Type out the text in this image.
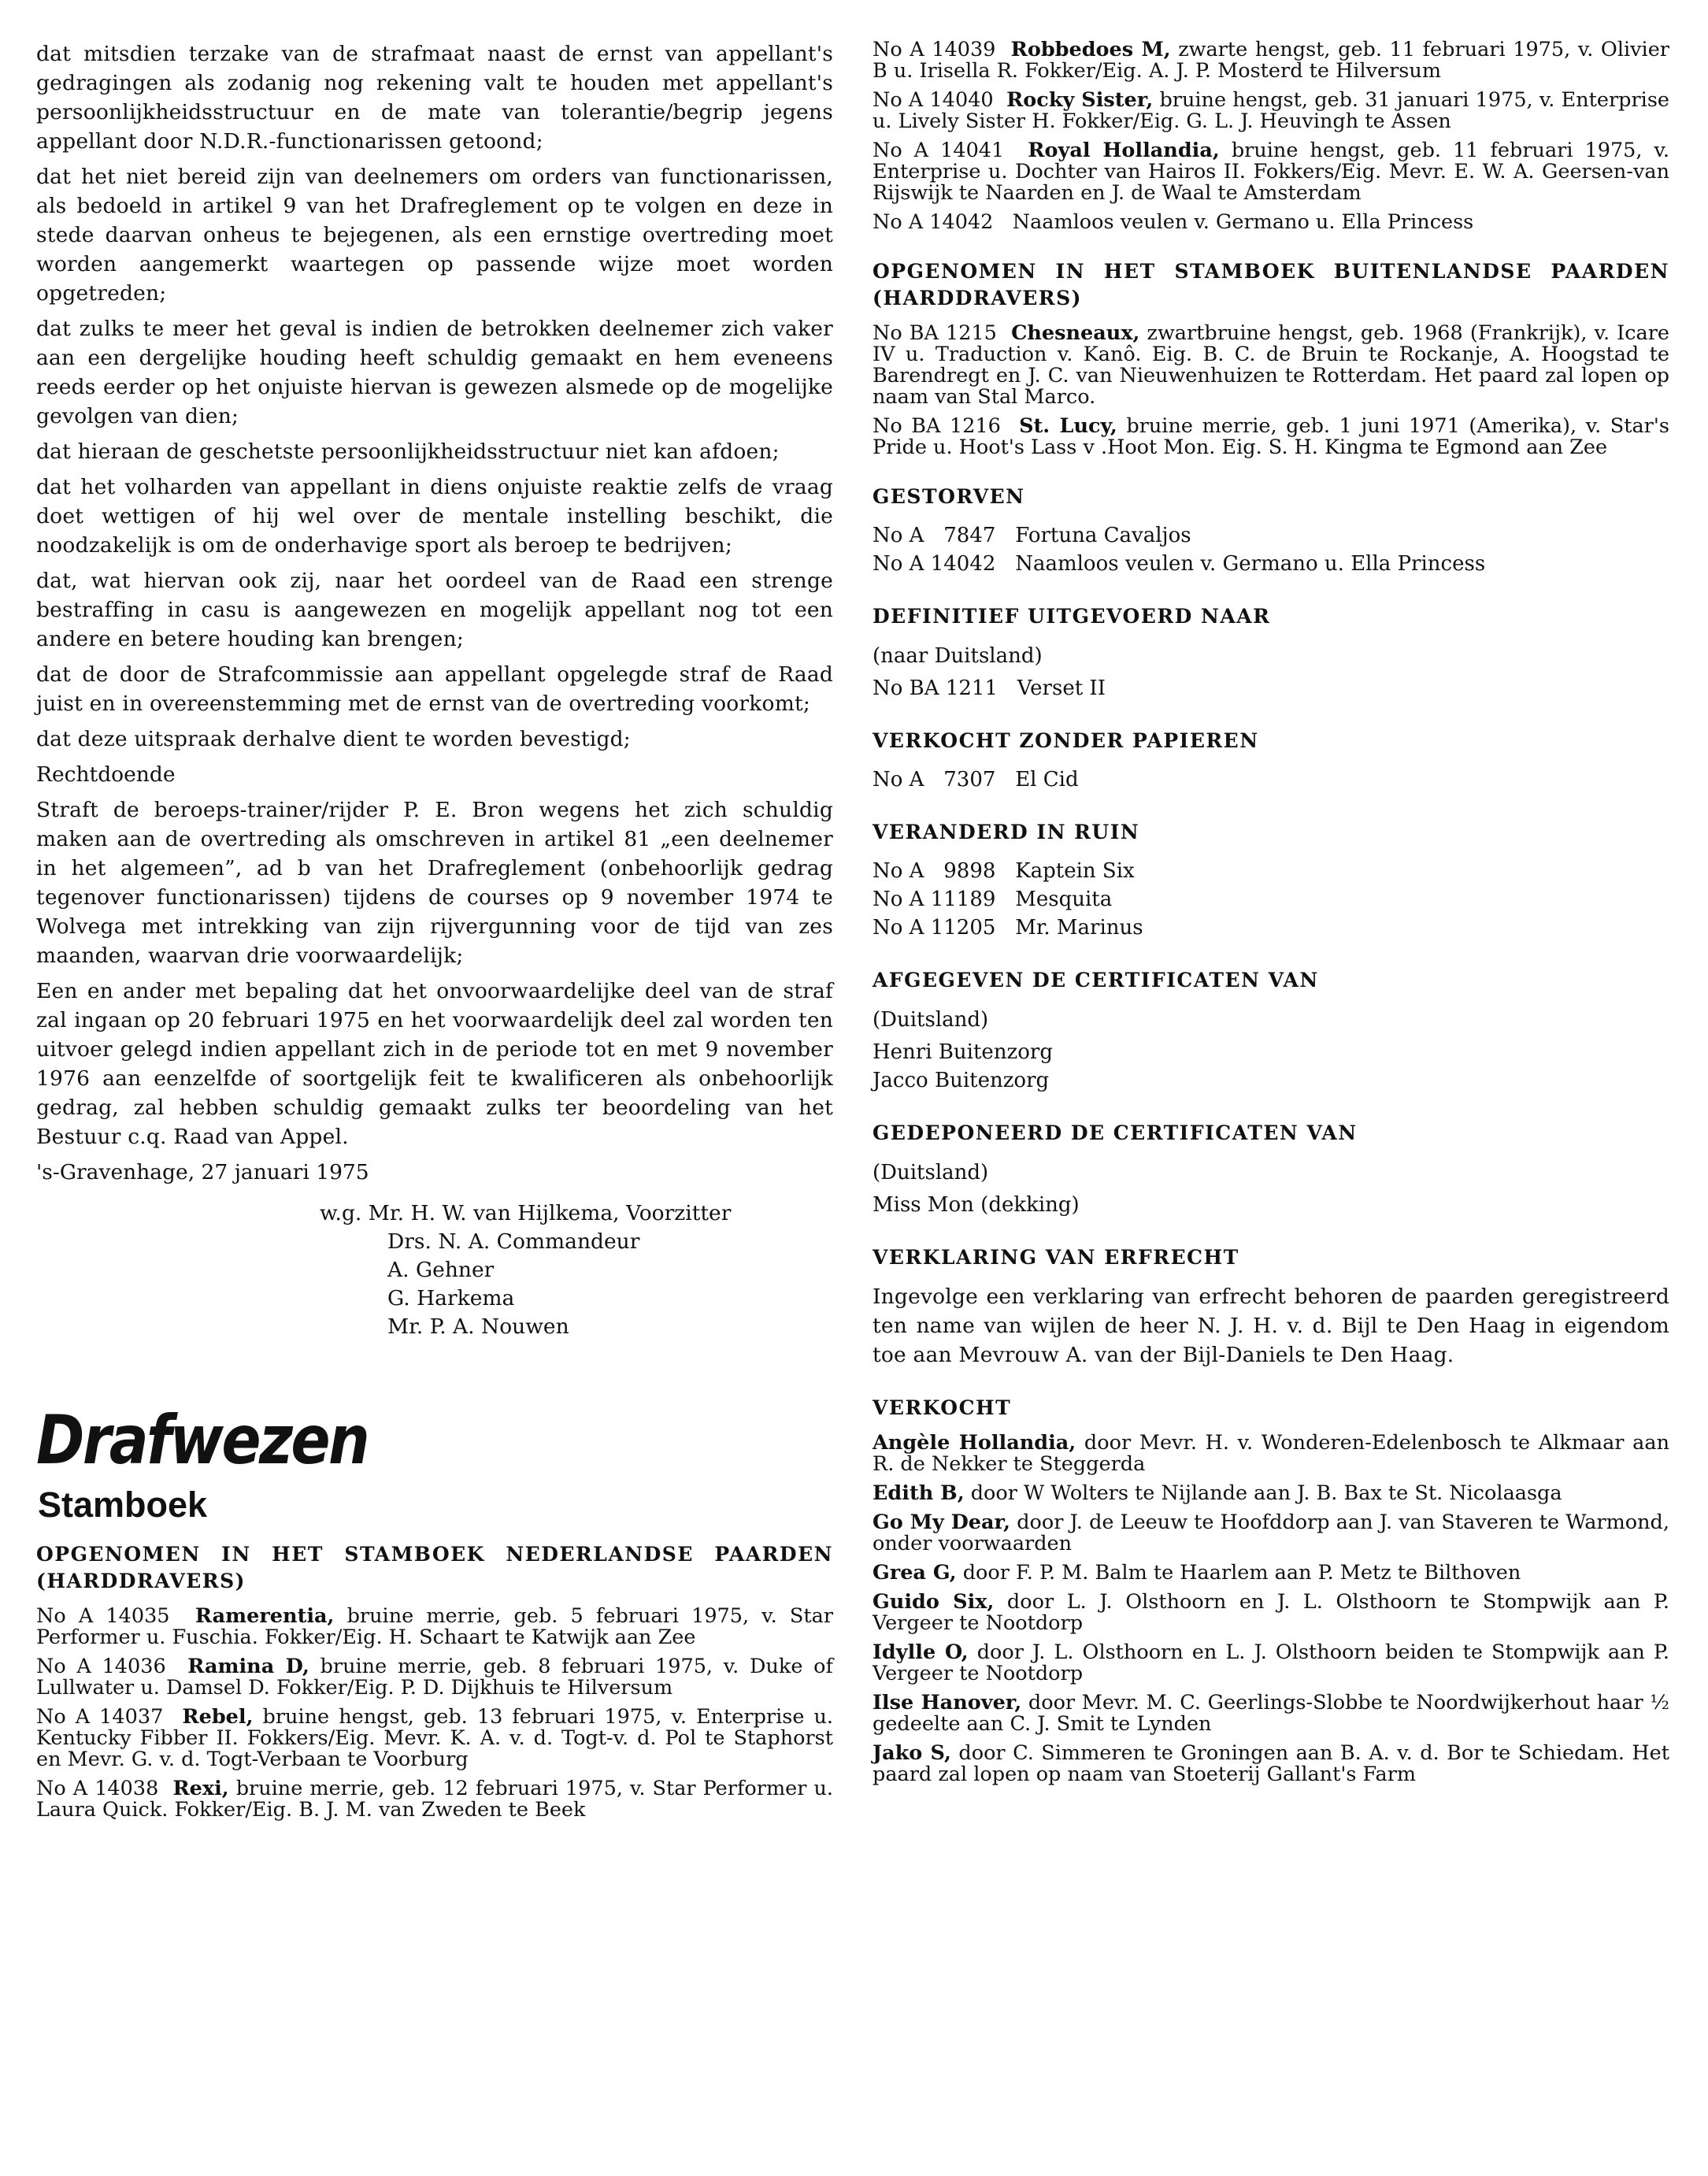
dat mitsdien terzake van de strafmaat naast de ernst van appellant's gedragingen als zodanig nog rekening valt te houden met appellant's persoonlijkheidsstructuur en de mate van tolerantie/begrip jegens appellant door N.D.R.-functionarissen getoond;

dat het niet bereid zijn van deelnemers om orders van functionarissen, als bedoeld in artikel 9 van het Drafreglement op te volgen en deze in stede daarvan onheus te bejegenen, als een ernstige overtreding moet worden aangemerkt waartegen op passende wijze moet worden opgetreden;

dat zulks te meer het geval is indien de betrokken deelnemer zich vaker aan een dergelijke houding heeft schuldig gemaakt en hem eveneens reeds eerder op het onjuiste hiervan is gewezen alsmede op de mogelijke gevolgen van dien;

dat hieraan de geschetste persoonlijkheidsstructuur niet kan afdoen;

dat het volharden van appellant in diens onjuiste reaktie zelfs de vraag doet wettigen of hij wel over de mentale instelling beschikt, die noodzakelijk is om de onderhavige sport als beroep te bedrijven;

dat, wat hiervan ook zij, naar het oordeel van de Raad een strenge bestraffing in casu is aangewezen en mogelijk appellant nog tot een andere en betere houding kan brengen;

dat de door de Strafcommissie aan appellant opgelegde straf de Raad juist en in overeenstemming met de ernst van de overtreding voorkomt;

dat deze uitspraak derhalve dient te worden bevestigd;

Rechtdoende

Straft de beroeps-trainer/rijder P. E. Bron wegens het zich schuldig maken aan de overtreding als omschreven in artikel 81 „een deelnemer in het algemeen”, ad b van het Drafreglement (onbehoorlijk gedrag tegenover functionarissen) tijdens de courses op 9 november 1974 te Wolvega met intrekking van zijn rijvergunning voor de tijd van zes maanden, waarvan drie voorwaardelijk;

Een en ander met bepaling dat het onvoorwaardelijke deel van de straf zal ingaan op 20 februari 1975 en het voorwaardelijk deel zal worden ten uitvoer gelegd indien appellant zich in de periode tot en met 9 november 1976 aan eenzelfde of soortgelijk feit te kwalificeren als onbehoorlijk gedrag, zal hebben schuldig gemaakt zulks ter beoordeling van het Bestuur c.q. Raad van Appel.

's-Gravenhage, 27 januari 1975

w.g. Mr. H. W. van Hijlkema, Voorzitter
Drs. N. A. Commandeur
A. Gehner
G. Harkema
Mr. P. A. Nouwen
Drafwezen
Stamboek
OPGENOMEN IN HET STAMBOEK NEDERLANDSE PAARDEN (HARDDRAVERS)

No A 14035 Ramerentia, bruine merrie, geb. 5 februari 1975, v. Star Performer u. Fuschia. Fokker/Eig. H. Schaart te Katwijk aan Zee

No A 14036 Ramina D, bruine merrie, geb. 8 februari 1975, v. Duke of Lullwater u. Damsel D. Fokker/Eig. P. D. Dijkhuis te Hilversum

No A 14037 Rebel, bruine hengst, geb. 13 februari 1975, v. Enterprise u. Kentucky Fibber II. Fokkers/Eig. Mevr. K. A. v. d. Togt-v. d. Pol te Staphorst en Mevr. G. v. d. Togt-Verbaan te Voorburg

No A 14038 Rexi, bruine merrie, geb. 12 februari 1975, v. Star Performer u. Laura Quick. Fokker/Eig. B. J. M. van Zweden te Beek

No A 14039 Robbedoes M, zwarte hengst, geb. 11 februari 1975, v. Olivier B u. Irisella R. Fokker/Eig. A. J. P. Mosterd te Hilversum

No A 14040 Rocky Sister, bruine hengst, geb. 31 januari 1975, v. Enterprise u. Lively Sister H. Fokker/Eig. G. L. J. Heuvingh te Assen

No A 14041 Royal Hollandia, bruine hengst, geb. 11 februari 1975, v. Enterprise u. Dochter van Hairos II. Fokkers/Eig. Mevr. E. W. A. Geersen-van Rijswijk te Naarden en J. de Waal te Amsterdam

No A 14042 Naamloos veulen v. Germano u. Ella Princess

OPGENOMEN IN HET STAMBOEK BUITENLANDSE PAARDEN (HARDDRAVERS)

No BA 1215 Chesneaux, zwartbruine hengst, geb. 1968 (Frankrijk), v. Icare IV u. Traduction v. Kanô. Eig. B. C. de Bruin te Rockanje, A. Hoogstad te Barendregt en J. C. van Nieuwenhuizen te Rotterdam. Het paard zal lopen op naam van Stal Marco.

No BA 1216 St. Lucy, bruine merrie, geb. 1 juni 1971 (Amerika), v. Star's Pride u. Hoot's Lass v .Hoot Mon. Eig. S. H. Kingma te Egmond aan Zee

GESTORVEN

No A   7847   Fortuna Cavaljos

No A 14042   Naamloos veulen v. Germano u. Ella Princess

DEFINITIEF UITGEVOERD NAAR

(naar Duitsland)

No BA 1211   Verset II

VERKOCHT ZONDER PAPIEREN

No A   7307   El Cid

VERANDERD IN RUIN

No A   9898   Kaptein Six

No A 11189   Mesquita

No A 11205   Mr. Marinus

AFGEGEVEN DE CERTIFICATEN VAN

(Duitsland)

Henri Buitenzorg

Jacco Buitenzorg

GEDEPONEERD DE CERTIFICATEN VAN

(Duitsland)

Miss Mon (dekking)

VERKLARING VAN ERFRECHT

Ingevolge een verklaring van erfrecht behoren de paarden geregistreerd ten name van wijlen de heer N. J. H. v. d. Bijl te Den Haag in eigendom toe aan Mevrouw A. van der Bijl-Daniels te Den Haag.

VERKOCHT

Angèle Hollandia, door Mevr. H. v. Wonderen-Edelenbosch te Alkmaar aan R. de Nekker te Steggerda

Edith B, door W Wolters te Nijlande aan J. B. Bax te St. Nicolaasga

Go My Dear, door J. de Leeuw te Hoofddorp aan J. van Staveren te Warmond, onder voorwaarden

Grea G, door F. P. M. Balm te Haarlem aan P. Metz te Bilthoven

Guido Six, door L. J. Olsthoorn en J. L. Olsthoorn te Stompwijk aan P. Vergeer te Nootdorp

Idylle O, door J. L. Olsthoorn en L. J. Olsthoorn beiden te Stompwijk aan P. Vergeer te Nootdorp

Ilse Hanover, door Mevr. M. C. Geerlings-Slobbe te Noordwijkerhout haar ½ gedeelte aan C. J. Smit te Lynden

Jako S, door C. Simmeren te Groningen aan B. A. v. d. Bor te Schiedam. Het paard zal lopen op naam van Stoeterij Gallant's Farm
